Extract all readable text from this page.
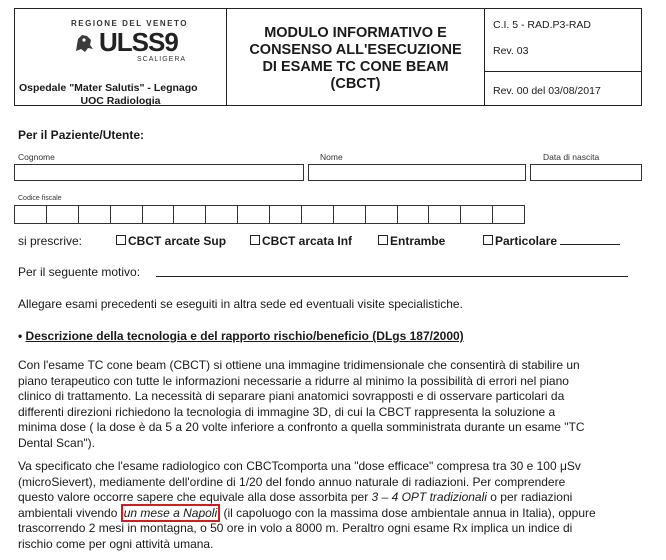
REGIONE DEL VENETO
ULSS9
SCALIGERA
Ospedale "Mater Salutis" - Legnago
UOC Radiologia
MODULO INFORMATIVO E
CONSENSO ALL'ESECUZIONE
DI ESAME TC CONE BEAM
(CBCT)
C.I. 5 - RAD.P3-RAD
Rev. 03
Rev. 00 del 03/08/2017
Per il Paziente/Utente:
Cognome	Nome	Data di nascita
Codice fiscale
si prescrive:	CBCT arcate Sup	CBCT arcata Inf	Entrambe	Particolare
Per il seguente motivo:
Allegare esami precedenti se eseguiti in altra sede ed eventuali visite specialistiche.
• Descrizione della tecnologia e del rapporto rischio/beneficio (DLgs 187/2000)
Con l'esame TC cone beam (CBCT) si ottiene una immagine tridimensionale che consentirà di stabilire un
piano terapeutico con tutte le informazioni necessarie a ridurre al minimo la possibilità di errori nel piano
clinico di trattamento. La necessità di separare piani anatomici sovrapposti e di osservare particolari da
differenti direzioni richiedono la tecnologia di immagine 3D, di cui la CBCT rappresenta la soluzione a
minima dose ( la dose è da 5 a 20 volte inferiore a confronto a quella somministrata durante un esame "TC
Dental Scan").
Va specificato che l'esame radiologico con CBCTcomporta una "dose efficace" compresa tra 30 e 100 μSv
(microSievert), mediamente dell'ordine di 1/20 del fondo annuo naturale di radiazioni. Per comprendere
questo valore occorre sapere che equivale alla dose assorbita per 3 – 4 OPT tradizionali o per radiazioni
ambientali vivendo un mese a Napoli (il capoluogo con la massima dose ambientale annua in Italia), oppure
trascorrendo 2 mesi in montagna, o 50 ore in volo a 8000 m. Peraltro ogni esame Rx implica un indice di
rischio come per ogni attività umana.
